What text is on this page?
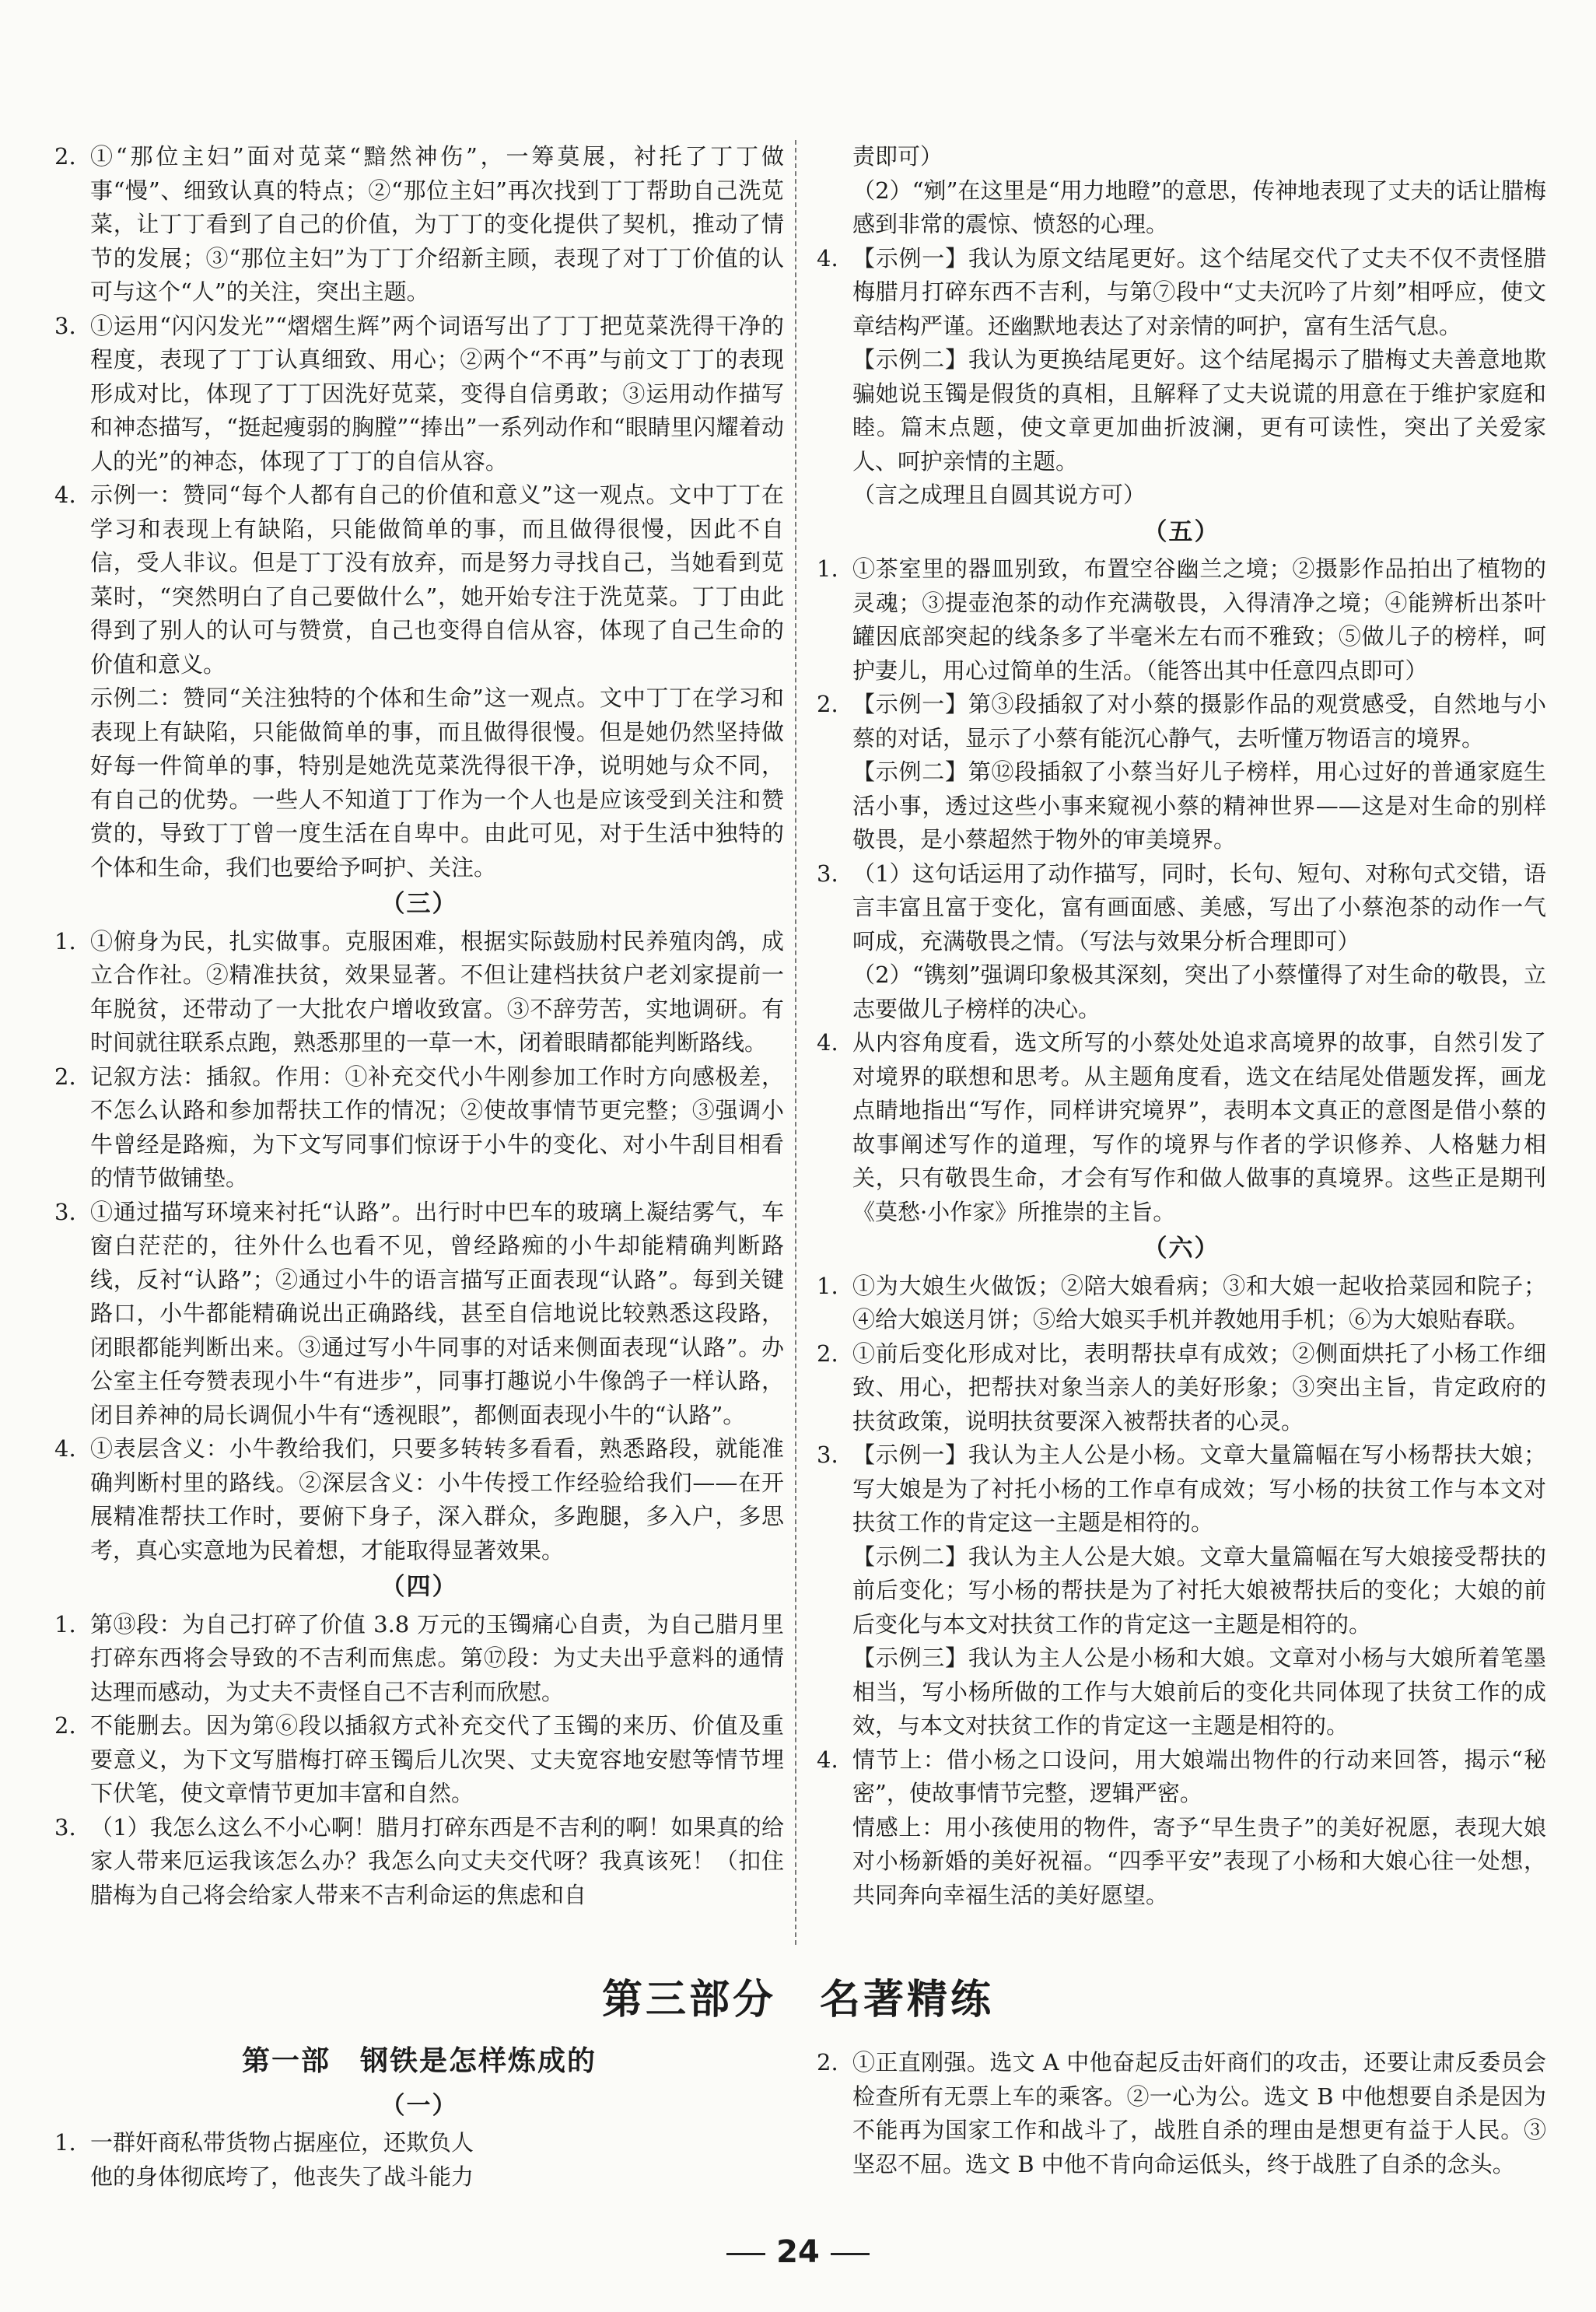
2. ①“那位主妇”面对苋菜“黯然神伤”，一筹莫展，衬托了丁丁做事“慢”、细致认真的特点；②“那位主妇”再次找到丁丁帮助自己洗苋菜，让丁丁看到了自己的价值，为丁丁的变化提供了契机，推动了情节的发展；③“那位主妇”为丁丁介绍新主顾，表现了对丁丁价值的认可与这个“人”的关注，突出主题。
3. ①运用“闪闪发光”“熠熠生辉”两个词语写出了丁丁把苋菜洗得干净的程度，表现了丁丁认真细致、用心；②两个“不再”与前文丁丁的表现形成对比，体现了丁丁因洗好苋菜，变得自信勇敢；③运用动作描写和神态描写，“挺起瘦弱的胸膛”“捧出”一系列动作和“眼睛里闪耀着动人的光”的神态，体现了丁丁的自信从容。
4. 示例一：赞同“每个人都有自己的价值和意义”这一观点。文中丁丁在学习和表现上有缺陷，只能做简单的事，而且做得很慢，因此不自信，受人非议。但是丁丁没有放弃，而是努力寻找自己，当她看到苋菜时，“突然明白了自己要做什么”，她开始专注于洗苋菜。丁丁由此得到了别人的认可与赞赏，自己也变得自信从容，体现了自己生命的价值和意义。

示例二：赞同“关注独特的个体和生命”这一观点。文中丁丁在学习和表现上有缺陷，只能做简单的事，而且做得很慢。但是她仍然坚持做好每一件简单的事，特别是她洗苋菜洗得很干净，说明她与众不同，有自己的优势。一些人不知道丁丁作为一个人也是应该受到关注和赞赏的，导致丁丁曾一度生活在自卑中。由此可见，对于生活中独特的个体和生命，我们也要给予呵护、关注。

（三）
1. ①俯身为民，扎实做事。克服困难，根据实际鼓励村民养殖肉鸽，成立合作社。②精准扶贫，效果显著。不但让建档扶贫户老刘家提前一年脱贫，还带动了一大批农户增收致富。③不辞劳苦，实地调研。有时间就往联系点跑，熟悉那里的一草一木，闭着眼睛都能判断路线。
2. 记叙方法：插叙。作用：①补充交代小牛刚参加工作时方向感极差，不怎么认路和参加帮扶工作的情况；②使故事情节更完整；③强调小牛曾经是路痴，为下文写同事们惊讶于小牛的变化、对小牛刮目相看的情节做铺垫。
3. ①通过描写环境来衬托“认路”。出行时中巴车的玻璃上凝结雾气，车窗白茫茫的，往外什么也看不见，曾经路痴的小牛却能精确判断路线，反衬“认路”；②通过小牛的语言描写正面表现“认路”。每到关键路口，小牛都能精确说出正确路线，甚至自信地说比较熟悉这段路，闭眼都能判断出来。③通过写小牛同事的对话来侧面表现“认路”。办公室主任夸赞表现小牛“有进步”，同事打趣说小牛像鸽子一样认路，闭目养神的局长调侃小牛有“透视眼”，都侧面表现小牛的“认路”。
4. ①表层含义：小牛教给我们，只要多转转多看看，熟悉路段，就能准确判断村里的路线。②深层含义：小牛传授工作经验给我们——在开展精准帮扶工作时，要俯下身子，深入群众，多跑腿，多入户，多思考，真心实意地为民着想，才能取得显著效果。
（四）
1. 第⑬段：为自己打碎了价值 3.8 万元的玉镯痛心自责，为自己腊月里打碎东西将会导致的不吉利而焦虑。第⑰段：为丈夫出乎意料的通情达理而感动，为丈夫不责怪自己不吉利而欣慰。
2. 不能删去。因为第⑥段以插叙方式补充交代了玉镯的来历、价值及重要意义，为下文写腊梅打碎玉镯后儿次哭、丈夫宽容地安慰等情节埋下伏笔，使文章情节更加丰富和自然。
3. （1）我怎么这么不小心啊！腊月打碎东西是不吉利的啊！如果真的给家人带来厄运我该怎么办？我怎么向丈夫交代呀？我真该死！（扣住腊梅为自己将会给家人带来不吉利命运的焦虑和自

责即可）

（2）“剜”在这里是“用力地瞪”的意思，传神地表现了丈夫的话让腊梅感到非常的震惊、愤怒的心理。

4. 【示例一】我认为原文结尾更好。这个结尾交代了丈夫不仅不责怪腊梅腊月打碎东西不吉利，与第⑦段中“丈夫沉吟了片刻”相呼应，使文章结构严谨。还幽默地表达了对亲情的呵护，富有生活气息。

【示例二】我认为更换结尾更好。这个结尾揭示了腊梅丈夫善意地欺骗她说玉镯是假货的真相，且解释了丈夫说谎的用意在于维护家庭和睦。篇末点题，使文章更加曲折波澜，更有可读性，突出了关爱家人、呵护亲情的主题。

（言之成理且自圆其说方可）

（五）
1. ①茶室里的器皿别致，布置空谷幽兰之境；②摄影作品拍出了植物的灵魂；③提壶泡茶的动作充满敬畏，入得清净之境；④能辨析出茶叶罐因底部突起的线条多了半毫米左右而不雅致；⑤做儿子的榜样，呵护妻儿，用心过简单的生活。（能答出其中任意四点即可）
2. 【示例一】第③段插叙了对小蔡的摄影作品的观赏感受，自然地与小蔡的对话，显示了小蔡有能沉心静气，去听懂万物语言的境界。

【示例二】第⑫段插叙了小蔡当好儿子榜样，用心过好的普通家庭生活小事，透过这些小事来窥视小蔡的精神世界——这是对生命的别样敬畏，是小蔡超然于物外的审美境界。

3. （1）这句话运用了动作描写，同时，长句、短句、对称句式交错，语言丰富且富于变化，富有画面感、美感，写出了小蔡泡茶的动作一气呵成，充满敬畏之情。（写法与效果分析合理即可）

（2）“镌刻”强调印象极其深刻，突出了小蔡懂得了对生命的敬畏，立志要做儿子榜样的决心。

4. 从内容角度看，选文所写的小蔡处处追求高境界的故事，自然引发了对境界的联想和思考。从主题角度看，选文在结尾处借题发挥，画龙点睛地指出“写作，同样讲究境界”，表明本文真正的意图是借小蔡的故事阐述写作的道理，写作的境界与作者的学识修养、人格魅力相关，只有敬畏生命，才会有写作和做人做事的真境界。这些正是期刊《莫愁·小作家》所推崇的主旨。
（六）
1. ①为大娘生火做饭；②陪大娘看病；③和大娘一起收拾菜园和院子；④给大娘送月饼；⑤给大娘买手机并教她用手机；⑥为大娘贴春联。
2. ①前后变化形成对比，表明帮扶卓有成效；②侧面烘托了小杨工作细致、用心，把帮扶对象当亲人的美好形象；③突出主旨，肯定政府的扶贫政策，说明扶贫要深入被帮扶者的心灵。
3. 【示例一】我认为主人公是小杨。文章大量篇幅在写小杨帮扶大娘；写大娘是为了衬托小杨的工作卓有成效；写小杨的扶贫工作与本文对扶贫工作的肯定这一主题是相符的。

【示例二】我认为主人公是大娘。文章大量篇幅在写大娘接受帮扶的前后变化；写小杨的帮扶是为了衬托大娘被帮扶后的变化；大娘的前后变化与本文对扶贫工作的肯定这一主题是相符的。

【示例三】我认为主人公是小杨和大娘。文章对小杨与大娘所着笔墨相当，写小杨所做的工作与大娘前后的变化共同体现了扶贫工作的成效，与本文对扶贫工作的肯定这一主题是相符的。

4. 情节上：借小杨之口设问，用大娘端出物件的行动来回答，揭示“秘密”，使故事情节完整，逻辑严密。

情感上：用小孩使用的物件，寄予“早生贵子”的美好祝愿，表现大娘对小杨新婚的美好祝福。“四季平安”表现了小杨和大娘心往一处想，共同奔向幸福生活的美好愿望。

第三部分 名著精练
第一部　钢铁是怎样炼成的
（一）
1. 一群奸商私带货物占据座位，还欺负人

他的身体彻底垮了，他丧失了战斗能力

2. ①正直刚强。选文 A 中他奋起反击奸商们的攻击，还要让肃反委员会检查所有无票上车的乘客。②一心为公。选文 B 中他想要自杀是因为不能再为国家工作和战斗了，战胜自杀的理由是想更有益于人民。③坚忍不屈。选文 B 中他不肯向命运低头，终于战胜了自杀的念头。
24
